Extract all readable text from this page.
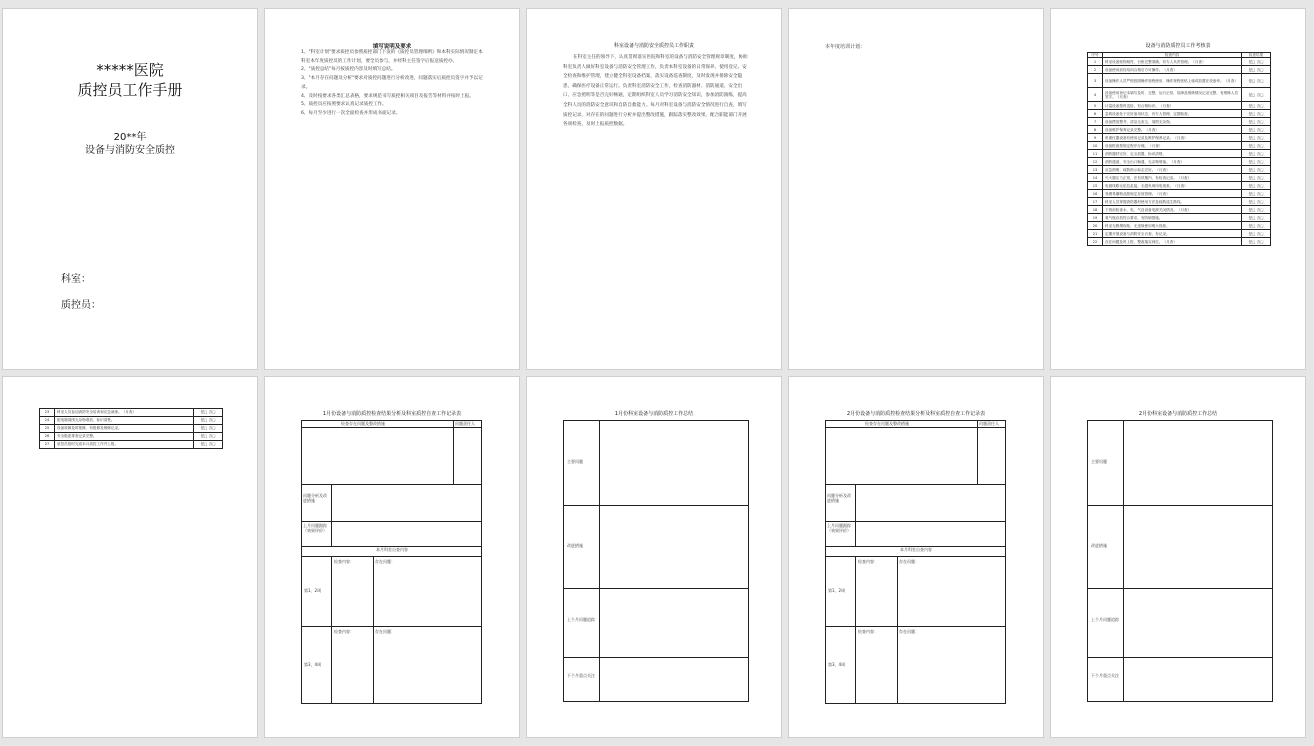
*****医院
质控员工作手册
20**年
设备与消防安全质控
科室：
质控员：
填写说明及要求

1、"科室计划"要求质控员参照质控部门下发的《质控员管理细则》和本科实际情况制定本科室本年度质控员的工作计划，要全员参与，并经科主任签字后报送质控办。

2、"质控总结"每月按质控内容及时填写总结。

3、"本月存在问题及分析"要求对质控问题进行分析改进，问题落实后质控员签字并予以记录。

4、及时按要求各类汇总表格，要求规范书写质控相关项目及报告等材料并按时上报。

5、质控员应按照要求认真记录质控工作。

6、每月至少进行一次全面检查并形成书面记录。

科室设备与消防安全质控员工作职责
在科室主任的领导下，认真贯彻落实医院和科室的设备与消防安全管理规章制度，协助科室负责人做好科室设备与消防安全管理工作，负责本科室设备的日常保养、使用登记、安全检查和维护管理，建立健全科室设备档案，落实设备巡查制度，及时发现并排除安全隐患，确保医疗设备正常运行。负责科室消防安全工作，检查消防器材、消防通道、安全出口、应急照明等是否完好畅通，定期组织科室人员学习消防安全知识，参加消防演练，提高全科人员的消防安全意识和自防自救能力。每月对科室设备与消防安全情况进行自查，填写质控记录，对存在的问题进行分析并提出整改措施，跟踪落实整改效果，配合职能部门开展各项检查，及时上报质控数据。
本年度培训计划：	设备与消防质控员工作考核表
序号	检查内容	检查结果
1	科室设备账物相符，台账完整准确，有专人负责管理。（月查）	是□ 否□
2	设备使用前经培训合格后方可操作。（月查）	是□ 否□
3	设备操作人员严格按照操作规程使用，操作规程张贴上墙或放置在设备旁。（月查）	是□ 否□
4	设备使用登记本填写及时、完整，运行正常，故障及维修情况记录完整，有维修人员签字。（月查）	是□ 否□
5	计量设备按时送检，有合格标识。（月查）	是□ 否□
6	急救设备处于完好备用状态，有专人管理，定期检查。	是□ 否□
7	设备摆放整齐，清洁无灰尘，周围无杂物。	是□ 否□
8	设备维护保养记录完整。（月查）	是□ 否□
9	贵重仪器设备有使用记录及维护保养记录。（月查）	是□ 否□
10	设备报废按规定程序办理。（月查）	是□ 否□
11	消防器材完好，定点放置，标识清楚。	是□ 否□
12	消防通道、安全出口畅通，无杂物堵塞。（月查）	是□ 否□
13	应急照明、疏散指示标志完好。（月查）	是□ 否□
14	灭火器压力正常，在有效期内，有检查记录。（月查）	是□ 否□
15	电源线路无私拉乱接，无超负荷用电现象。（月查）	是□ 否□
16	易燃易爆物品按规定存放管理。（月查）	是□ 否□
17	科室人员掌握消防器材使用方法及疏散逃生路线。	是□ 否□
18	下班前检查水、电、气及设备电源关闭情况。（月查）	是□ 否□
19	氧气瓶存放符合要求，有防倒措施。	是□ 否□
20	科室无吸烟现象，无违规使用明火现象。	是□ 否□
21	定期开展设备与消防安全自查，有记录。	是□ 否□
22	存在问题及时上报，整改落实到位。（月查）	是□ 否□
23	科室人员参加消防安全培训和应急演练。（月查）	是□ 否□
24	配电箱周围无杂物堆放，标识清楚。	是□ 否□
25	设备故障及时报修，有报修及维修记录。	是□ 否□
26	安全隐患排查记录完整。	是□ 否□
27	质控员按时完成本月质控工作并上报。	是□ 否□
1月份设备与消防质控检查结果分析及科室质控自查工作记录表
检查存在问题及整改措施	问题责任人
问题分析及改进措施
上月问题跟踪（效果评价）
本月科室自查内容
第1、2周
第3、4周
检查内容：	存在问题：
检查内容：	存在问题：
1月份科室设备与消防质控工作总结
主要问题
改进措施
上个月问题追踪
下个月重点关注
2月份设备与消防质控检查结果分析及科室质控自查工作记录表
检查存在问题及整改措施	问题责任人
问题分析及改进措施
上月问题跟踪（效果评价）
本月科室自查内容
第1、2周
第3、4周
检查内容：	存在问题：
检查内容：	存在问题：
2月份科室设备与消防质控工作总结
主要问题
改进措施
上个月问题追踪
下个月重点关注
